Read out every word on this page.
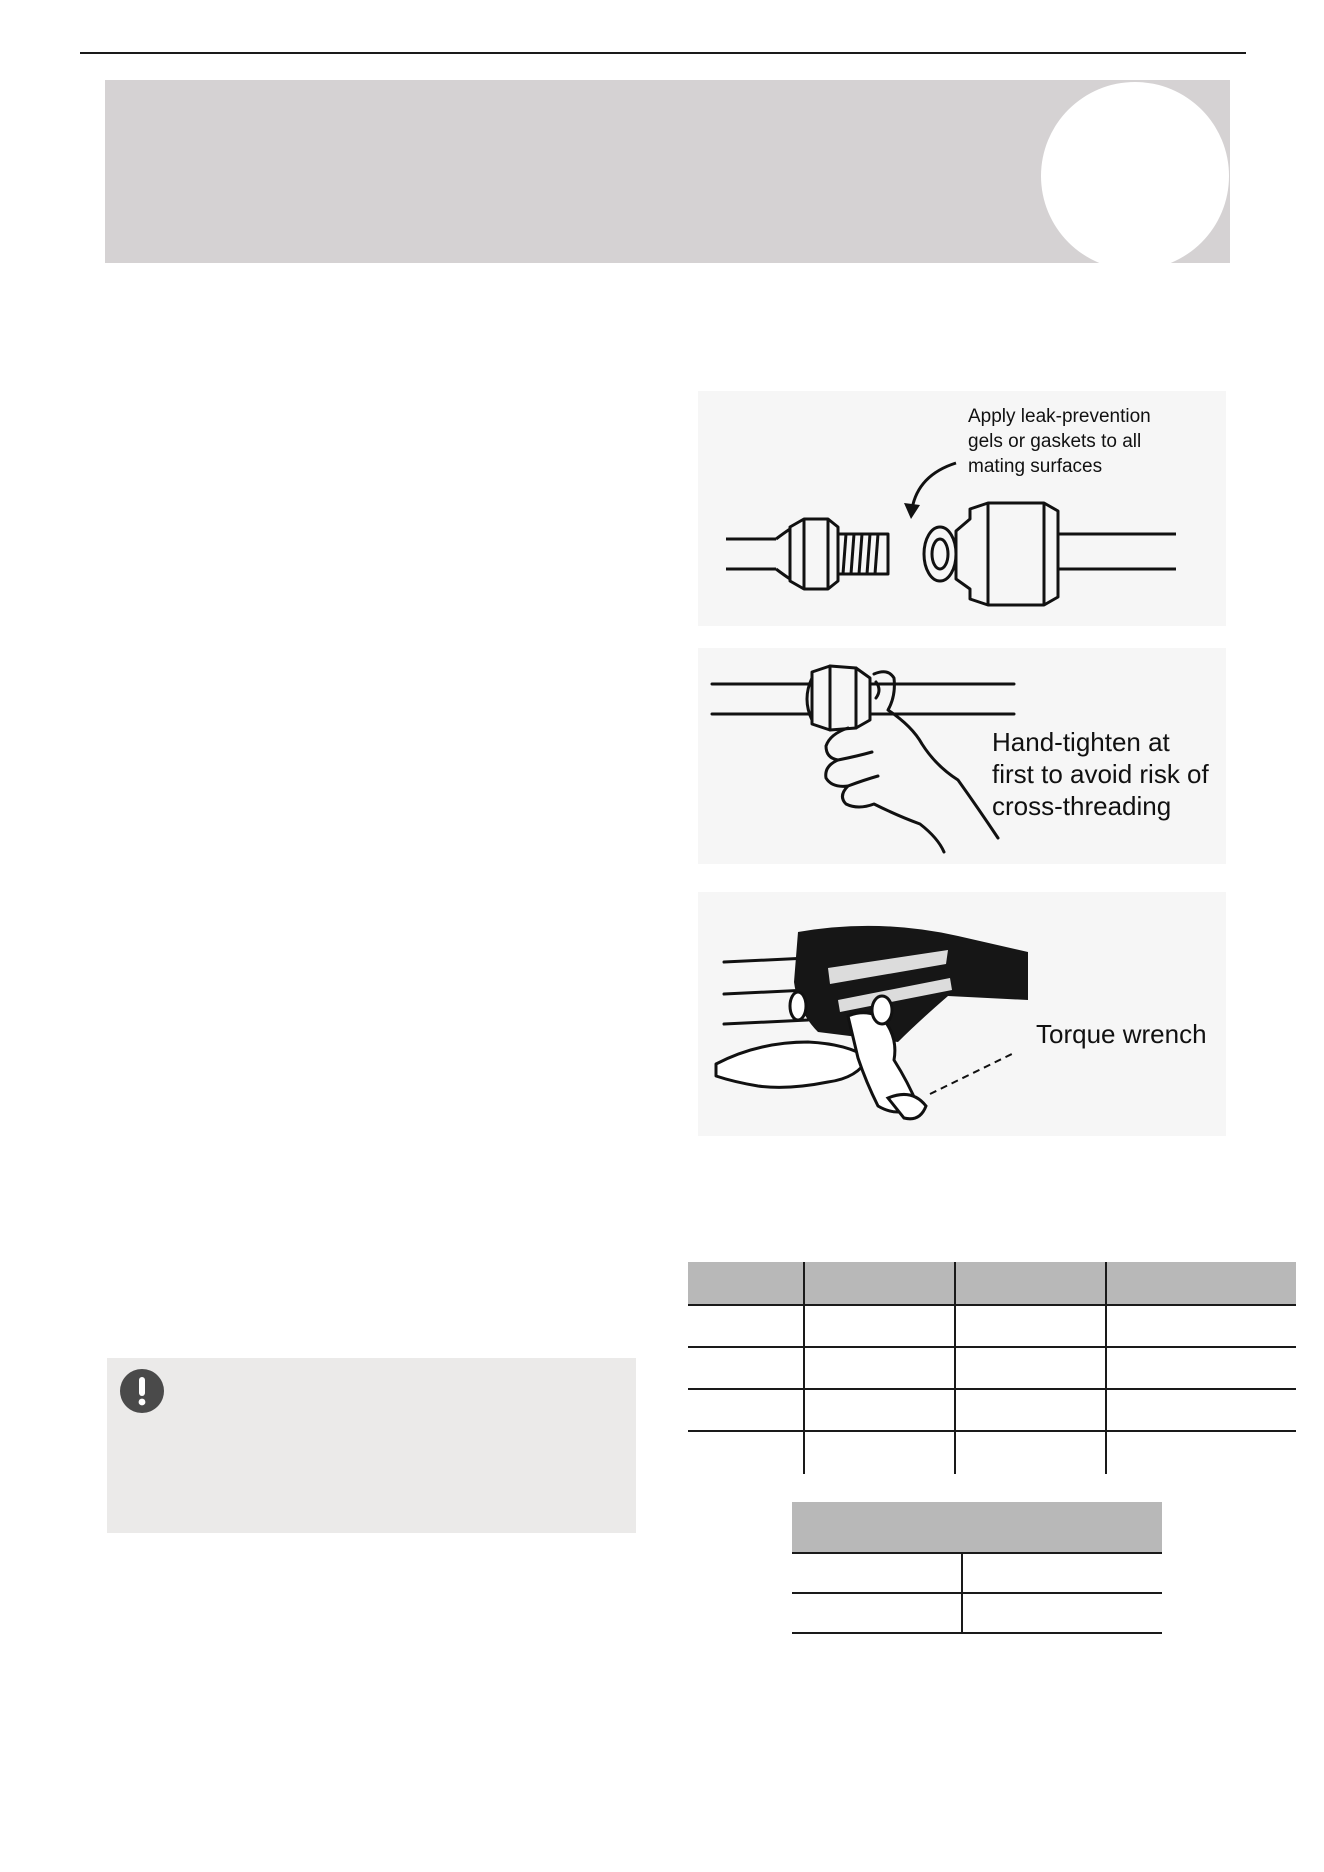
Apply leak-prevention
gels or gaskets to all
mating surfaces
Hand-tighten at
first to avoid risk of
cross-threading
Torque wrench
